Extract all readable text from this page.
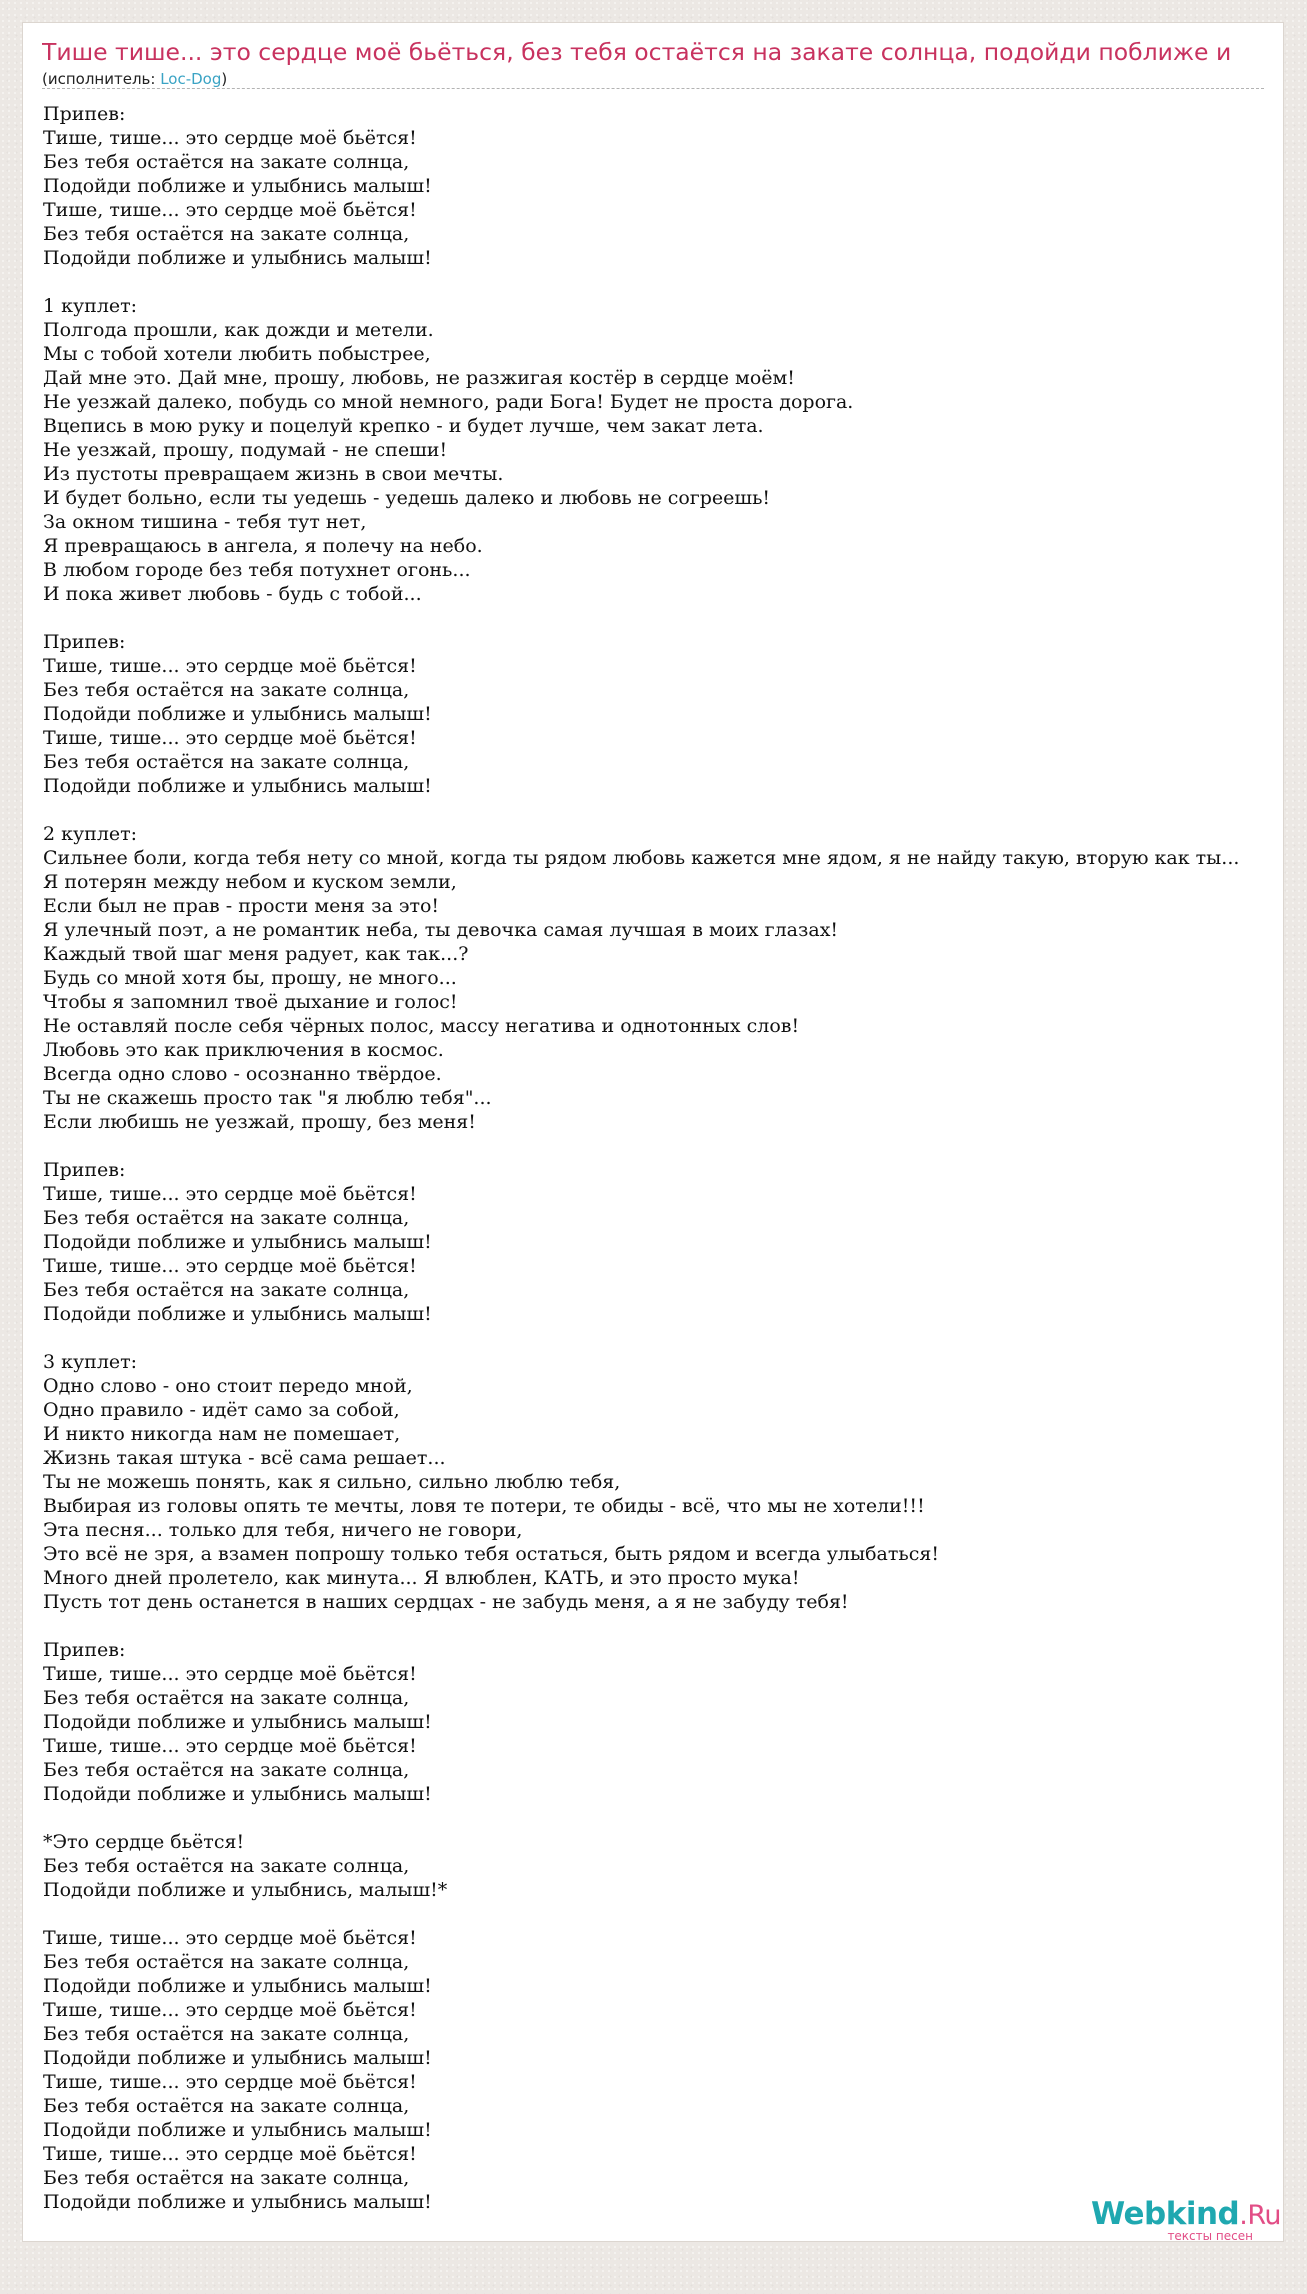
Тише тише... это сердце моё бьёться, без тебя остаётся на закате солнца, подойди поближе и
(исполнитель: Loc-Dog)
Припев:
Тише, тише... это сердце моё бьётся!
Без тебя остаётся на закате солнца,
Подойди поближе и улыбнись малыш!
Тише, тише... это сердце моё бьётся!
Без тебя остаётся на закате солнца,
Подойди поближе и улыбнись малыш!
1 куплет:
Полгода прошли, как дожди и метели.
Мы с тобой хотели любить побыстрее,
Дай мне это. Дай мне, прошу, любовь, не разжигая костёр в сердце моём!
Не уезжай далеко, побудь со мной немного, ради Бога! Будет не проста дорога.
Вцепись в мою руку и поцелуй крепко - и будет лучше, чем закат лета.
Не уезжай, прошу, подумай - не спеши!
Из пустоты превращаем жизнь в свои мечты.
И будет больно, если ты уедешь - уедешь далеко и любовь не согреешь!
За окном тишина - тебя тут нет,
Я превращаюсь в ангела, я полечу на небо.
В любом городе без тебя потухнет огонь...
И пока живет любовь - будь с тобой...
Припев:
Тише, тише... это сердце моё бьётся!
Без тебя остаётся на закате солнца,
Подойди поближе и улыбнись малыш!
Тише, тише... это сердце моё бьётся!
Без тебя остаётся на закате солнца,
Подойди поближе и улыбнись малыш!
2 куплет:
Сильнее боли, когда тебя нету со мной, когда ты рядом любовь кажется мне ядом, я не найду такую, вторую как ты...
Я потерян между небом и куском земли,
Если был не прав - прости меня за это!
Я улечный поэт, а не романтик неба, ты девочка самая лучшая в моих глазах!
Каждый твой шаг меня радует, как так...?
Будь со мной хотя бы, прошу, не много...
Чтобы я запомнил твоё дыхание и голос!
Не оставляй после себя чёрных полос, массу негатива и однотонных слов!
Любовь это как приключения в космос.
Всегда одно слово - осознанно твёрдое.
Ты не скажешь просто так "я люблю тебя"...
Если любишь не уезжай, прошу, без меня!
Припев:
Тише, тише... это сердце моё бьётся!
Без тебя остаётся на закате солнца,
Подойди поближе и улыбнись малыш!
Тише, тише... это сердце моё бьётся!
Без тебя остаётся на закате солнца,
Подойди поближе и улыбнись малыш!
3 куплет:
Одно слово - оно стоит передо мной,
Одно правило - идёт само за собой,
И никто никогда нам не помешает,
Жизнь такая штука - всё сама решает...
Ты не можешь понять, как я сильно, сильно люблю тебя,
Выбирая из головы опять те мечты, ловя те потери, те обиды - всё, что мы не хотели!!!
Эта песня... только для тебя, ничего не говори,
Это всё не зря, а взамен попрошу только тебя остаться, быть рядом и всегда улыбаться!
Много дней пролетело, как минута... Я влюблен, КАТЬ, и это просто мука!
Пусть тот день останется в наших сердцах - не забудь меня, а я не забуду тебя!
Припев:
Тише, тише... это сердце моё бьётся!
Без тебя остаётся на закате солнца,
Подойди поближе и улыбнись малыш!
Тише, тише... это сердце моё бьётся!
Без тебя остаётся на закате солнца,
Подойди поближе и улыбнись малыш!
*Это сердце бьётся!
Без тебя остаётся на закате солнца,
Подойди поближе и улыбнись, малыш!*
Тише, тише... это сердце моё бьётся!
Без тебя остаётся на закате солнца,
Подойди поближе и улыбнись малыш!
Тише, тише... это сердце моё бьётся!
Без тебя остаётся на закате солнца,
Подойди поближе и улыбнись малыш!
Тише, тише... это сердце моё бьётся!
Без тебя остаётся на закате солнца,
Подойди поближе и улыбнись малыш!
Тише, тише... это сердце моё бьётся!
Без тебя остаётся на закате солнца,
Подойди поближе и улыбнись малыш!	Webkind.Ru
тексты песен
